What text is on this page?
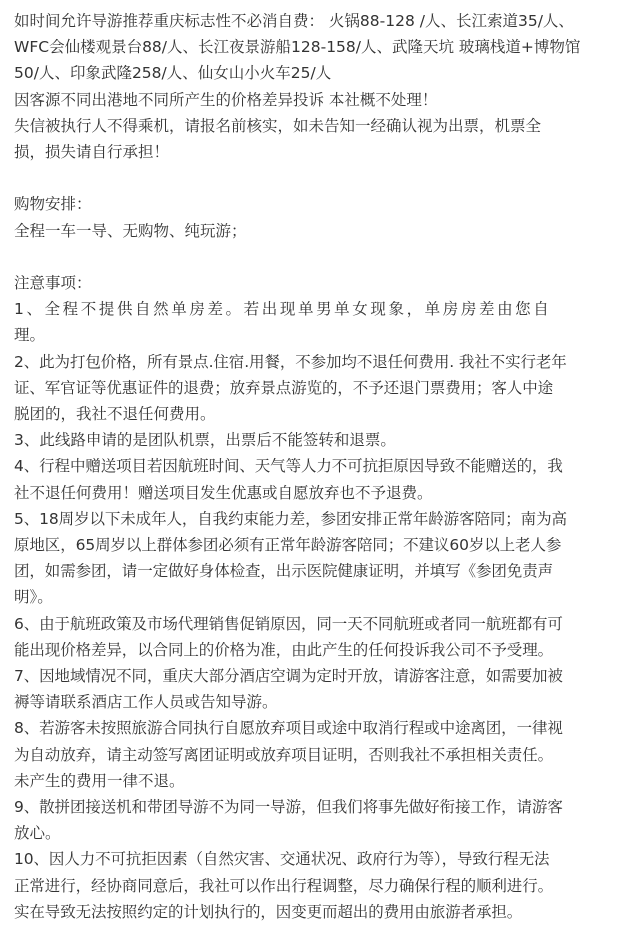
如时间允许导游推荐重庆标志性不必消自费： 火锅88-128 /人、长江索道35/人、
WFC会仙楼观景台88/人、长江夜景游船128-158/人、武隆天坑 玻璃栈道+博物馆
50/人、印象武隆258/人、仙女山小火车25/人
因客源不同出港地不同所产生的价格差异投诉 本社概不处理！
失信被执行人不得乘机，请报名前核实，如未告知一经确认视为出票，机票全
损，损失请自行承担！
购物安排：
全程一车一导、无购物、纯玩游；
注意事项：
1、全程不提供自然单房差。若出现单男单女现象，单房房差由您自
理。
2、此为打包价格，所有景点.住宿.用餐，不参加均不退任何费用. 我社不实行老年
证、军官证等优惠证件的退费；放弃景点游览的，不予还退门票费用；客人中途
脱团的，我社不退任何费用。
3、此线路申请的是团队机票，出票后不能签转和退票。
4、行程中赠送项目若因航班时间、天气等人力不可抗拒原因导致不能赠送的，我
社不退任何费用！赠送项目发生优惠或自愿放弃也不予退费。
5、18周岁以下未成年人，自我约束能力差，参团安排正常年龄游客陪同；南为高
原地区，65周岁以上群体参团必须有正常年龄游客陪同；不建议60岁以上老人参
团，如需参团，请一定做好身体检查，出示医院健康证明，并填写《参团免责声
明》。
6、由于航班政策及市场代理销售促销原因，同一天不同航班或者同一航班都有可
能出现价格差异，以合同上的价格为准，由此产生的任何投诉我公司不予受理。
7、因地域情况不同，重庆大部分酒店空调为定时开放，请游客注意，如需要加被
褥等请联系酒店工作人员或告知导游。
8、若游客未按照旅游合同执行自愿放弃项目或途中取消行程或中途离团，一律视
为自动放弃，请主动签写离团证明或放弃项目证明，否则我社不承担相关责任。
未产生的费用一律不退。
9、散拼团接送机和带团导游不为同一导游，但我们将事先做好衔接工作，请游客
放心。
10、因人力不可抗拒因素（自然灾害、交通状况、政府行为等），导致行程无法
正常进行，经协商同意后，我社可以作出行程调整，尽力确保行程的顺利进行。
实在导致无法按照约定的计划执行的，因变更而超出的费用由旅游者承担。
